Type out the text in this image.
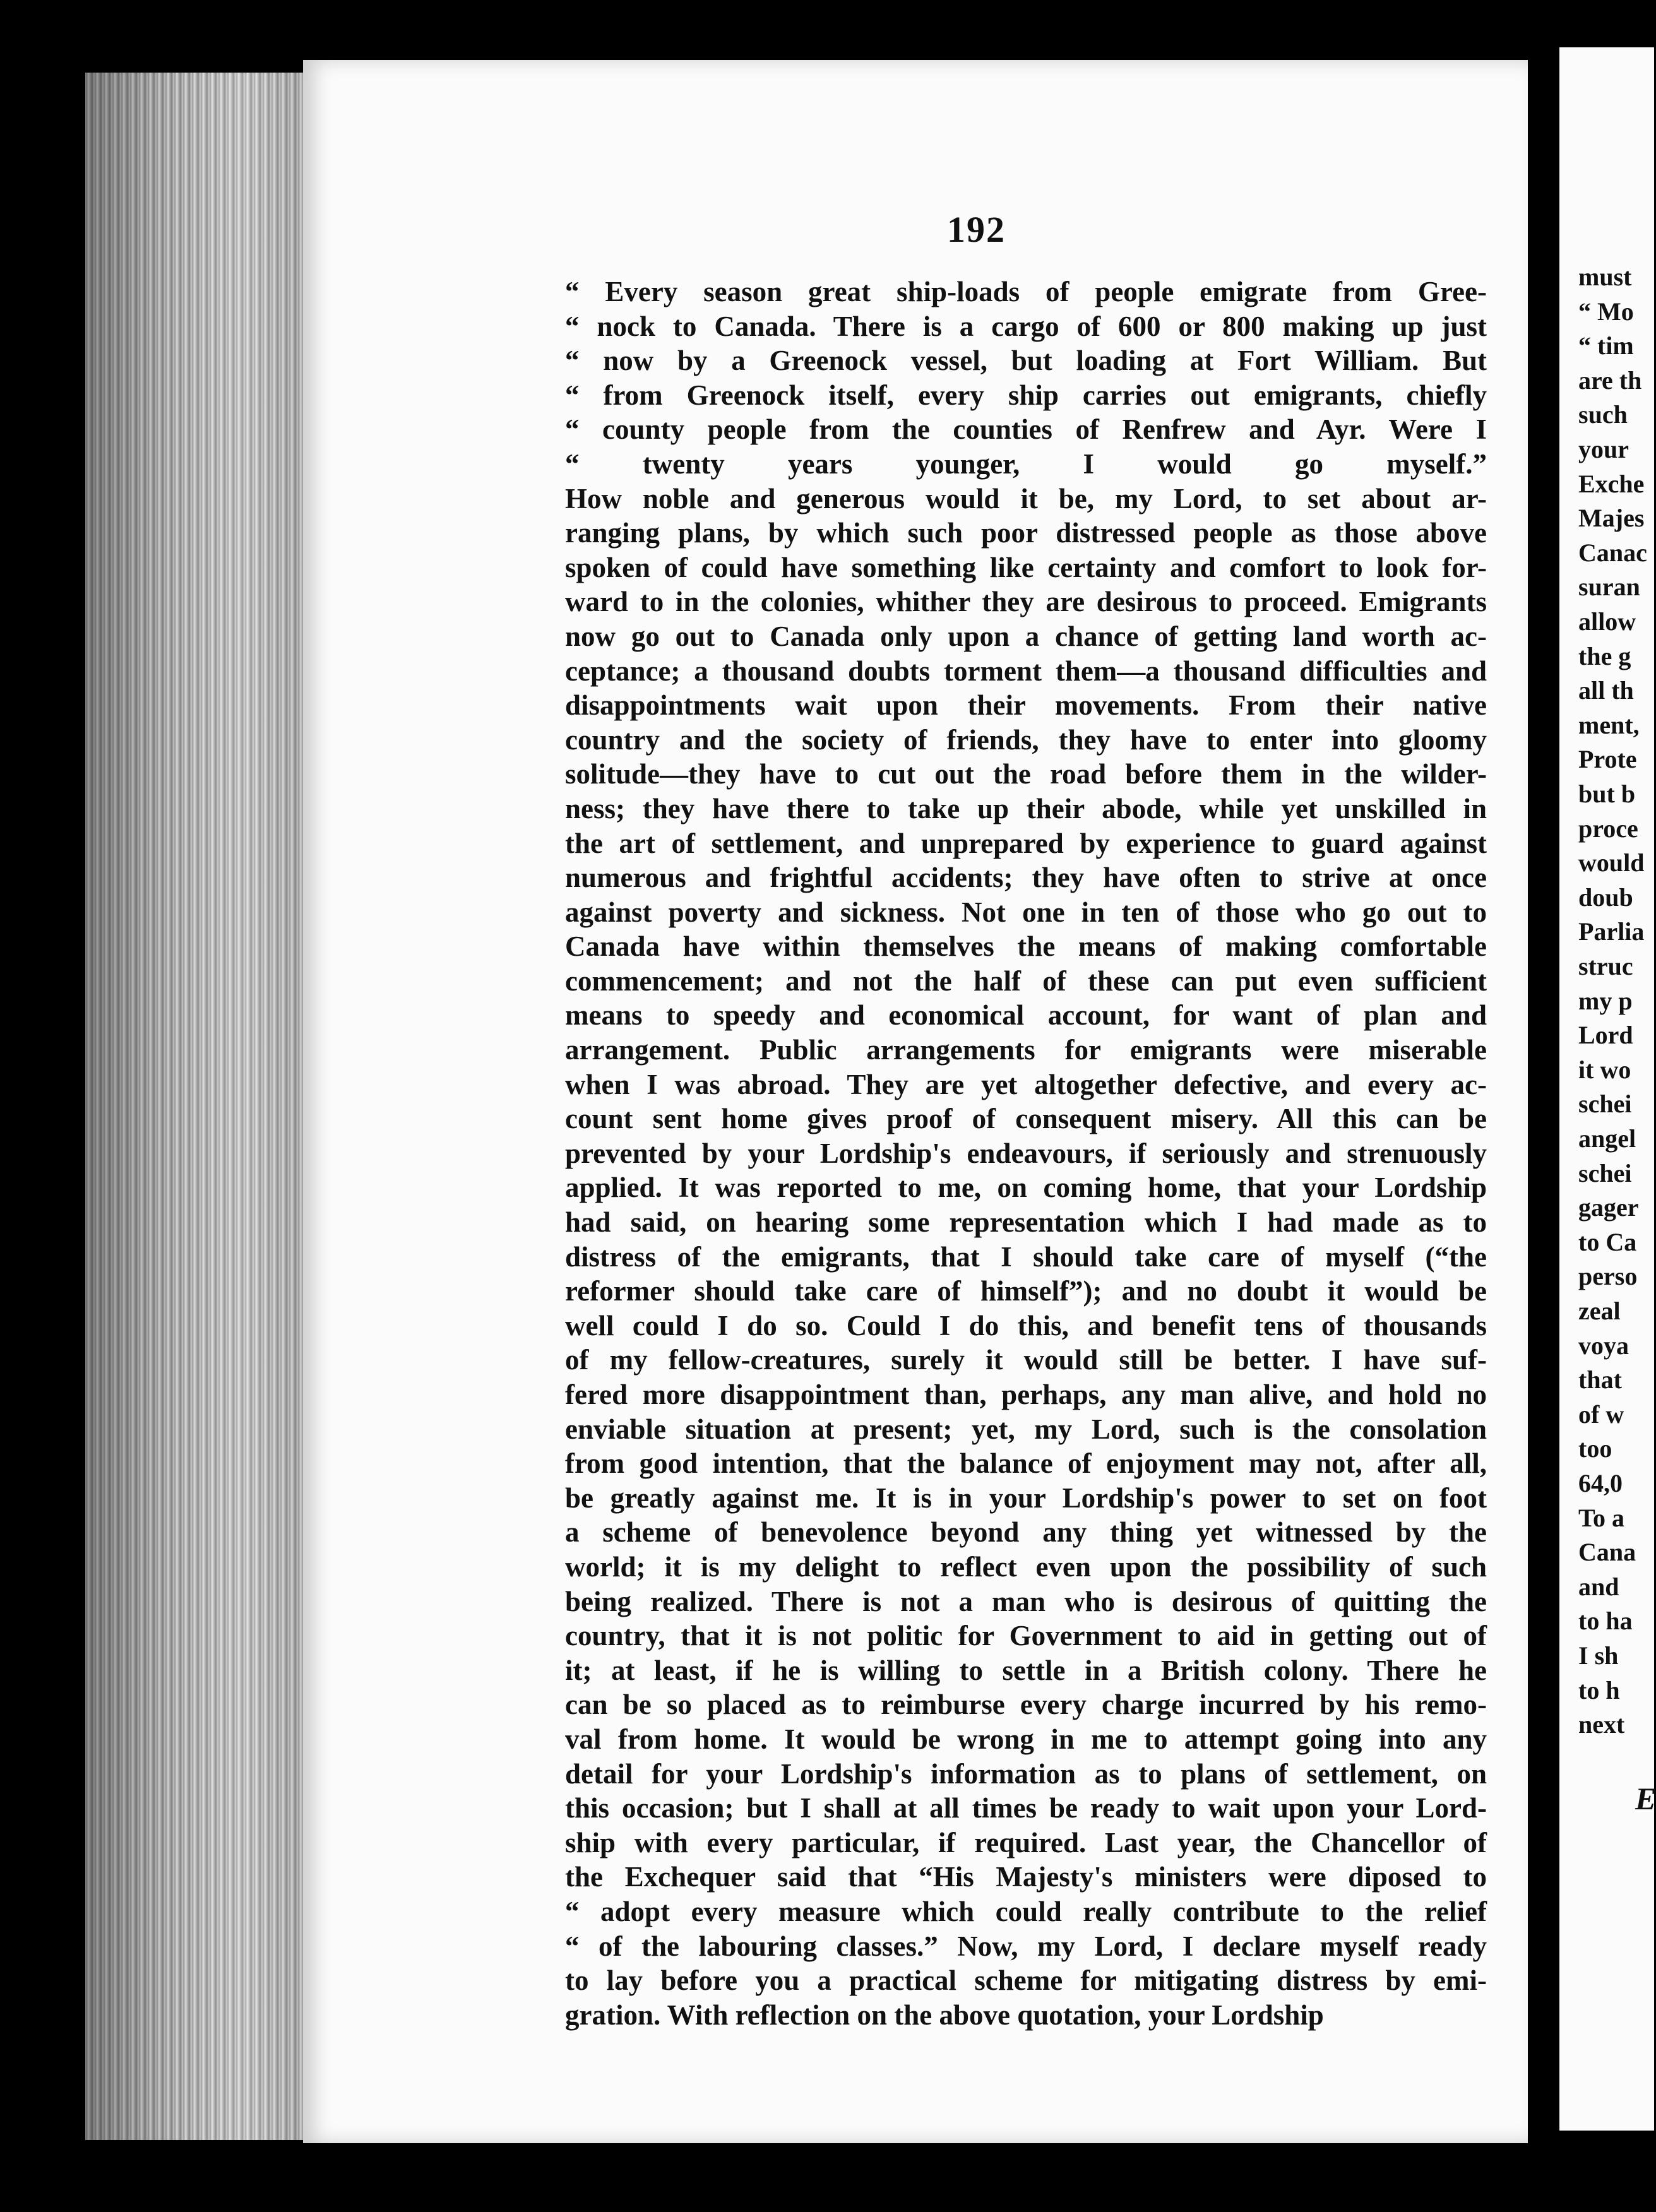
192
“ Every season great ship-loads of people emigrate from Gree-
“ nock to Canada. There is a cargo of 600 or 800 making up just
“ now by a Greenock vessel, but loading at Fort William. But
“ from Greenock itself, every ship carries out emigrants, chiefly
“ county people from the counties of Renfrew and Ayr. Were I
“ twenty years younger, I would go myself.”
How noble and generous would it be, my Lord, to set about ar-
ranging plans, by which such poor distressed people as those above
spoken of could have something like certainty and comfort to look for-
ward to in the colonies, whither they are desirous to proceed. Emigrants
now go out to Canada only upon a chance of getting land worth ac-
ceptance; a thousand doubts torment them—a thousand difficulties and
disappointments wait upon their movements. From their native
country and the society of friends, they have to enter into gloomy
solitude—they have to cut out the road before them in the wilder-
ness; they have there to take up their abode, while yet unskilled in
the art of settlement, and unprepared by experience to guard against
numerous and frightful accidents; they have often to strive at once
against poverty and sickness. Not one in ten of those who go out to
Canada have within themselves the means of making comfortable
commencement; and not the half of these can put even sufficient
means to speedy and economical account, for want of plan and
arrangement. Public arrangements for emigrants were miserable
when I was abroad. They are yet altogether defective, and every ac-
count sent home gives proof of consequent misery. All this can be
prevented by your Lordship's endeavours, if seriously and strenuously
applied. It was reported to me, on coming home, that your Lordship
had said, on hearing some representation which I had made as to
distress of the emigrants, that I should take care of myself (“the
reformer should take care of himself”); and no doubt it would be
well could I do so. Could I do this, and benefit tens of thousands
of my fellow-creatures, surely it would still be better. I have suf-
fered more disappointment than, perhaps, any man alive, and hold no
enviable situation at present; yet, my Lord, such is the consolation
from good intention, that the balance of enjoyment may not, after all,
be greatly against me. It is in your Lordship's power to set on foot
a scheme of benevolence beyond any thing yet witnessed by the
world; it is my delight to reflect even upon the possibility of such
being realized. There is not a man who is desirous of quitting the
country, that it is not politic for Government to aid in getting out of
it; at least, if he is willing to settle in a British colony. There he
can be so placed as to reimburse every charge incurred by his remo-
val from home. It would be wrong in me to attempt going into any
detail for your Lordship's information as to plans of settlement, on
this occasion; but I shall at all times be ready to wait upon your Lord-
ship with every particular, if required. Last year, the Chancellor of
the Exchequer said that “His Majesty's ministers were diposed to
“ adopt every measure which could really contribute to the relief
“ of the labouring classes.” Now, my Lord, I declare myself ready
to lay before you a practical scheme for mitigating distress by emi-
gration. With reflection on the above quotation, your Lordship
must
“ Mo
“ tim
are th
such
your
Exche
Majes
Canac
suran
allow
the g
all th
ment,
Prote
but b
proce
would
doub
Parlia
struc
my p
Lord
it wo
schei
angel
schei
gager
to Ca
perso
zeal
voya
that
of w
too
64,0
To a
Cana
and
to ha
I sh
to h
next
E
